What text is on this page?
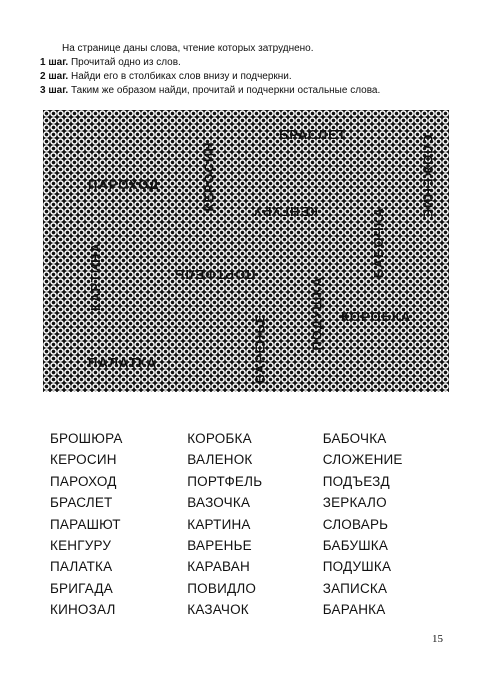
На странице даны слова, чтение которых затруднено.
1 шаг. Прочитай одно из слов.
2 шаг. Найди его в столбиках слов внизу и подчеркни.
3 шаг. Таким же образом найди, прочитай и подчеркни остальные слова.
КЕРОСИН
БРАСЛЕТ
СЛОЖЕНИЕ
ПАРОХОД
КЕНГУРУ	БАБОЧКА
КАРТИНА	ПОРТФЕЛЬ
ПОДУШКА КОРОБКА
ВАРЕНЬЕ
ПАЛАТКА
БРОШЮРА
КЕРОСИН
ПАРОХОД
БРАСЛЕТ
ПАРАШЮТ
КЕНГУРУ
ПАЛАТКА
БРИГАДА
КИНОЗАЛ
КОРОБКА
ВАЛЕНОК
ПОРТФЕЛЬ
ВАЗОЧКА
КАРТИНА
ВАРЕНЬЕ
КАРАВАН
ПОВИДЛО
КАЗАЧОК
БАБОЧКА
СЛОЖЕНИЕ
ПОДЪЕЗД
ЗЕРКАЛО
СЛОВАРЬ
БАБУШКА
ПОДУШКА
ЗАПИСКА
БАРАНКА
15
